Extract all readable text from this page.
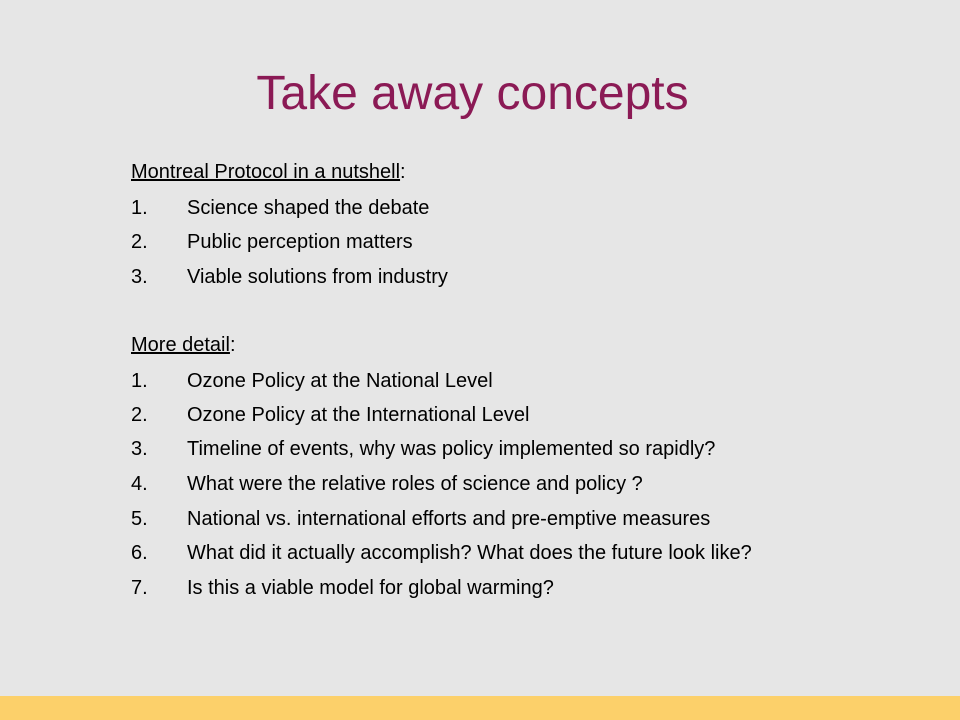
Take away concepts
Montreal Protocol in a nutshell:
1. Science shaped the debate
2. Public perception matters
3. Viable solutions from industry
More detail:
1. Ozone Policy at the National Level
2. Ozone Policy at the International Level
3. Timeline of events, why was policy implemented so rapidly?
4. What were the relative roles of science and policy ?
5. National vs. international efforts and pre-emptive measures
6. What did it actually accomplish? What does the future look like?
7. Is this a viable model for global warming?
